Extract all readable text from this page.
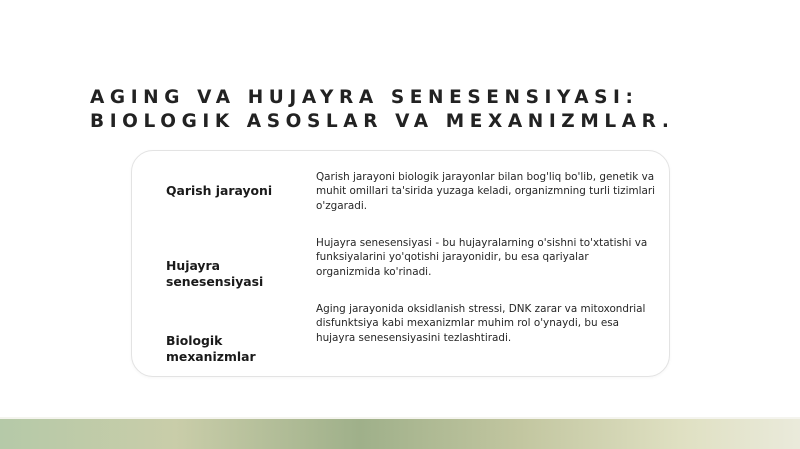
AGING VA HUJAYRA SENESENSIYASI:
BIOLOGIK ASOSLAR VA MEXANIZMLAR.
Qarish jarayoni
Qarish jarayoni biologik jarayonlar bilan bog'liq bo'lib, genetik va muhit omillari ta'sirida yuzaga keladi, organizmning turli tizimlari o'zgaradi.
Hujayra senesensiyasi
Hujayra senesensiyasi - bu hujayralarning o'sishni to'xtatishi va funksiyalarini yo'qotishi jarayonidir, bu esa qariyalar organizmida ko'rinadi.
Biologik mexanizmlar
Aging jarayonida oksidlanish stressi, DNK zarar va mitoxondrial disfunktsiya kabi mexanizmlar muhim rol o'ynaydi, bu esa hujayra senesensiyasini tezlashtiradi.
